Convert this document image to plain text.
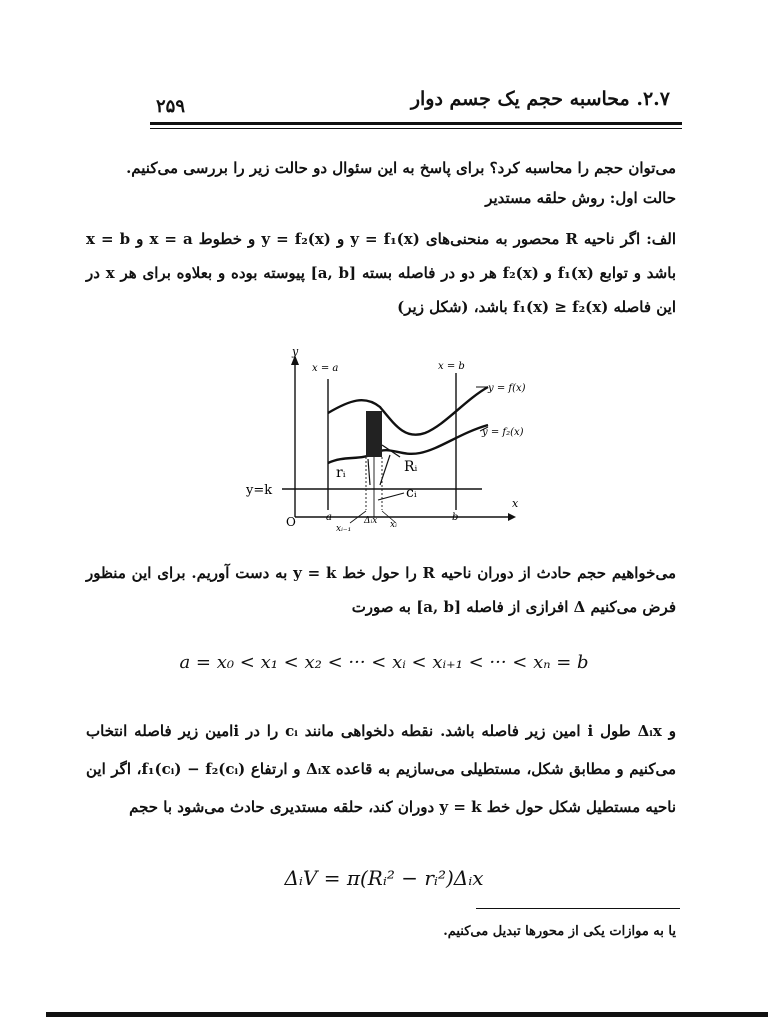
۲.۷. محاسبه حجم یک جسم دوار
۲۵۹
می‌توان حجم را محاسبه کرد؟ برای پاسخ به این سئوال دو حالت زیر را بررسی می‌کنیم.
حالت اول: روش حلقه مستدیر
الف: اگر ناحیه R محصور به منحنی‌های y = f₁(x) و y = f₂(x) و خطوط x = a و x = b باشد و توابع f₁(x) و f₂(x) هر دو در فاصله بسته [a, b] پیوسته بوده و بعلاوه برای هر x در این فاصله f₁(x) ≥ f₂(x) باشد، (شکل زیر)
y
x
x = a	x = b
y = f(x)
y = f₂(x)
y=k
O	a	b
rᵢ	Rᵢ
cᵢ
xᵢ₋₁
Δᵢx xᵢ
می‌خواهیم حجم حادث از دوران ناحیه R را حول خط y = k به دست آوریم. برای این منظور فرض می‌کنیم Δ افرازی از فاصله [a, b] به صورت
a = x₀ < x₁ < x₂ < ··· < xᵢ < xᵢ₊₁ < ··· < xₙ = b
و Δᵢx طول i امین زیر فاصله باشد. نقطه دلخواهی مانند cᵢ را در iامین زیر فاصله انتخاب می‌کنیم و مطابق شکل، مستطیلی می‌سازیم به قاعده Δᵢx و ارتفاع f₁(cᵢ) − f₂(cᵢ)، اگر این ناحیه مستطیل شکل حول خط y = k دوران کند، حلقه مستدیری حادث می‌شود با حجم
ΔᵢV = π(Rᵢ² − rᵢ²)Δᵢx
یا به موازات یکی از محورها تبدیل می‌کنیم.
